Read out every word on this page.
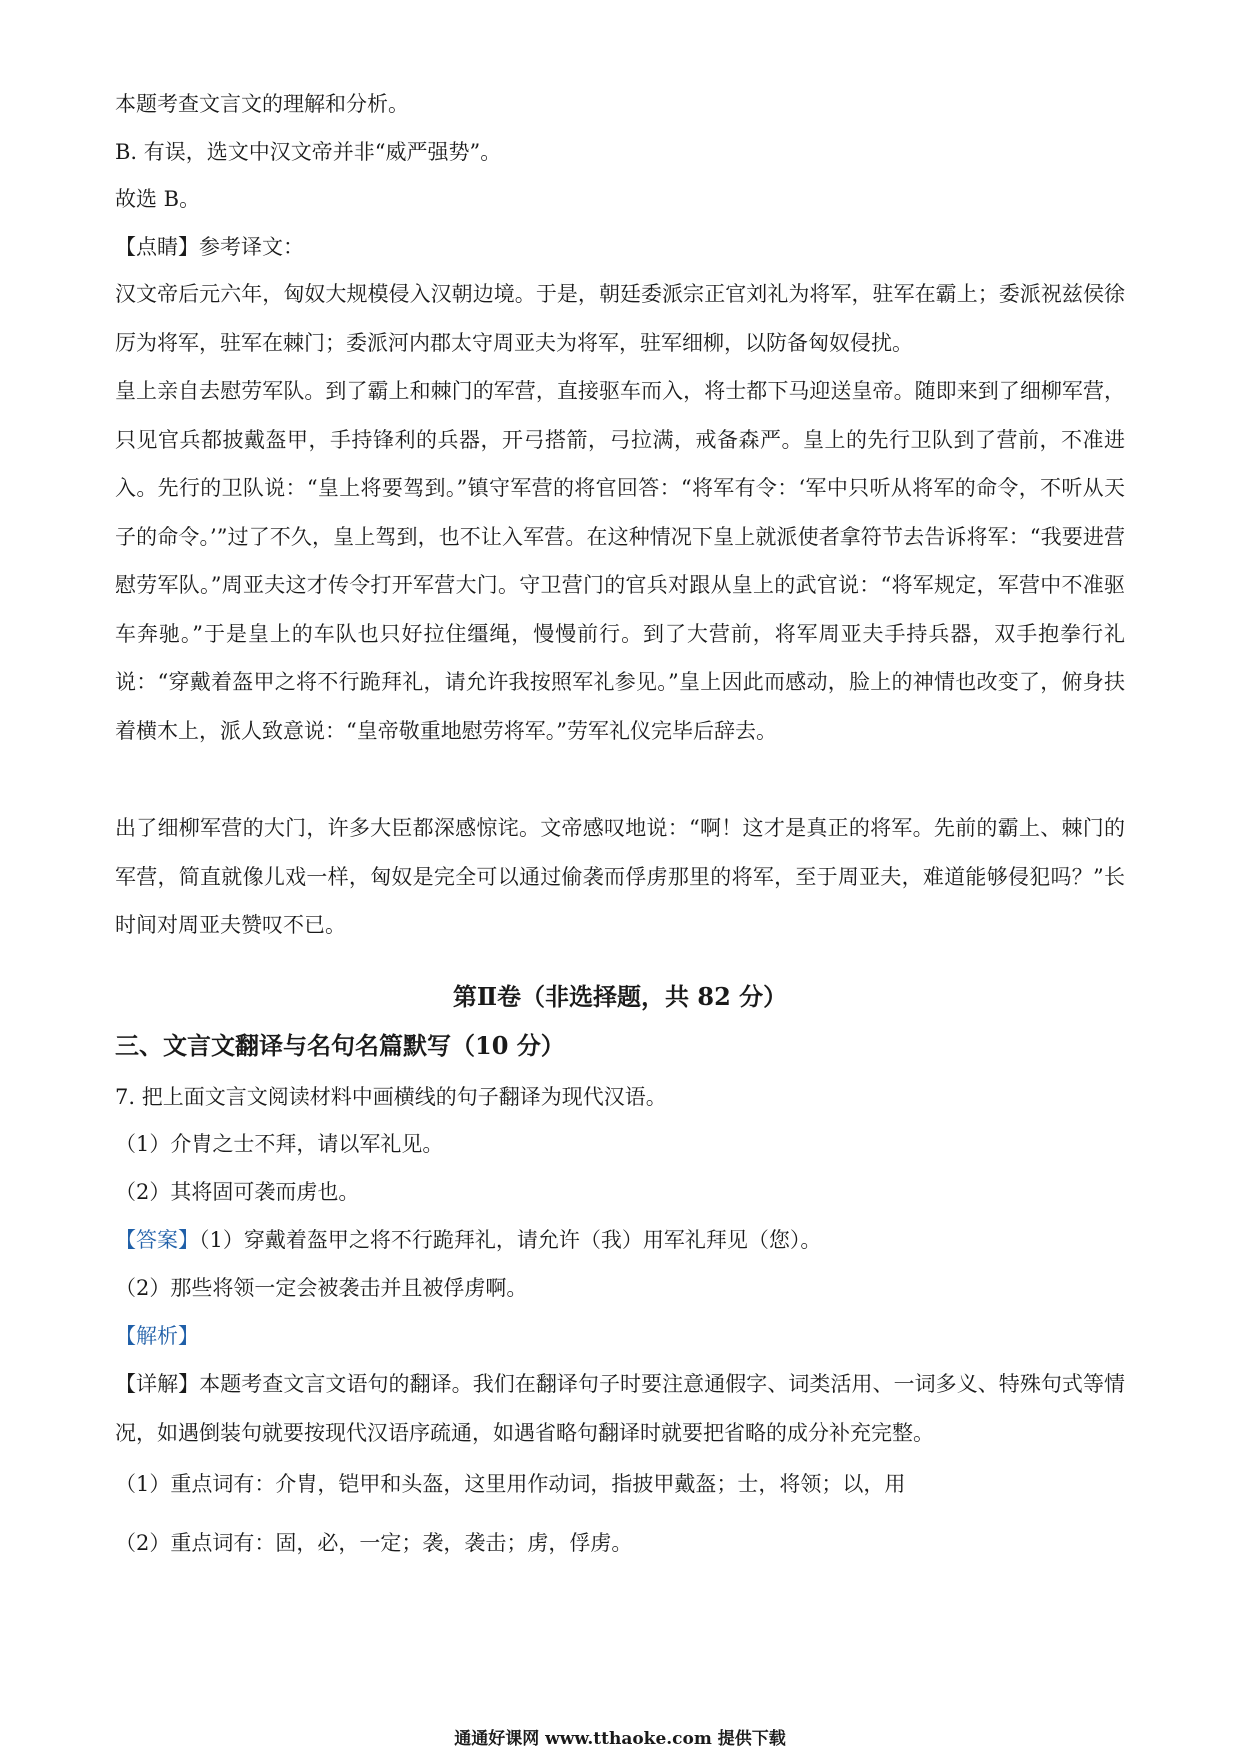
本题考查文言文的理解和分析。
B. 有误，选文中汉文帝并非“威严强势”。
故选 B。
【点睛】参考译文：
汉文帝后元六年，匈奴大规模侵入汉朝边境。于是，朝廷委派宗正官刘礼为将军，驻军在霸上；委派祝兹侯徐厉为将军，驻军在棘门；委派河内郡太守周亚夫为将军，驻军细柳，以防备匈奴侵扰。
皇上亲自去慰劳军队。到了霸上和棘门的军营，直接驱车而入，将士都下马迎送皇帝。随即来到了细柳军营，只见官兵都披戴盔甲，手持锋利的兵器，开弓搭箭，弓拉满，戒备森严。皇上的先行卫队到了营前，不准进入。先行的卫队说：“皇上将要驾到。”镇守军营的将官回答：“将军有令：‘军中只听从将军的命令，不听从天子的命令。’”过了不久，皇上驾到，也不让入军营。在这种情况下皇上就派使者拿符节去告诉将军：“我要进营慰劳军队。”周亚夫这才传令打开军营大门。守卫营门的官兵对跟从皇上的武官说：“将军规定，军营中不准驱车奔驰。”于是皇上的车队也只好拉住缰绳，慢慢前行。到了大营前，将军周亚夫手持兵器，双手抱拳行礼说：“穿戴着盔甲之将不行跪拜礼，请允许我按照军礼参见。”皇上因此而感动，脸上的神情也改变了，俯身扶着横木上，派人致意说：“皇帝敬重地慰劳将军。”劳军礼仪完毕后辞去。
出了细柳军营的大门，许多大臣都深感惊诧。文帝感叹地说：“啊！这才是真正的将军。先前的霸上、棘门的军营，简直就像儿戏一样，匈奴是完全可以通过偷袭而俘虏那里的将军，至于周亚夫，难道能够侵犯吗？”长时间对周亚夫赞叹不已。
第Ⅱ卷（非选择题，共 82 分）
三、文言文翻译与名句名篇默写（10 分）
7. 把上面文言文阅读材料中画横线的句子翻译为现代汉语。
（1）介胄之士不拜，请以军礼见。
（2）其将固可袭而虏也。
【答案】（1）穿戴着盔甲之将不行跪拜礼，请允许（我）用军礼拜见（您）。
（2）那些将领一定会被袭击并且被俘虏啊。
【解析】
【详解】本题考查文言文语句的翻译。我们在翻译句子时要注意通假字、词类活用、一词多义、特殊句式等情况，如遇倒装句就要按现代汉语序疏通，如遇省略句翻译时就要把省略的成分补充完整。
（1）重点词有：介胄，铠甲和头盔，这里用作动词，指披甲戴盔；士，将领；以，用
（2）重点词有：固，必，一定；袭，袭击；虏，俘虏。
通通好课网 www.tthaoke.com 提供下载
